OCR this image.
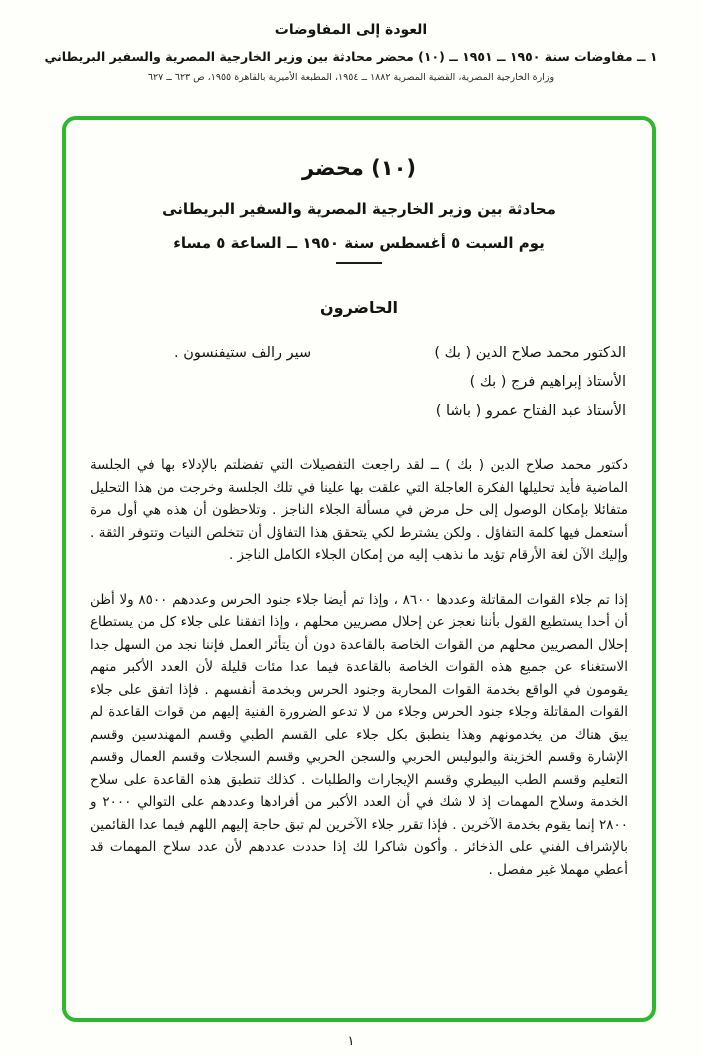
العودة إلى المفاوضات
١ ــ مفاوضات سنة ١٩٥٠ ــ ١٩٥١ ــ (١٠) محضر محادثة بين وزير الخارجية المصرية والسفير البريطاني
وزارة الخارجية المصرية، القضية المصرية ١٨٨٢ ــ ١٩٥٤، المطبعة الأميرية بالقاهرة ١٩٥٥، ص ٦٢٣ ــ ٦٢٧
(١٠) محضر
محادثة بين وزير الخارجية المصرية والسفير البريطانى
يوم السبت ٥ أغسطس سنة ١٩٥٠ ــ الساعة ٥ مساء
الحاضرون
الدكتور محمد صلاح الدين ( بك )
الأستاذ إبراهيم فرج ( بك )
الأستاذ عبد الفتاح عمرو ( باشا )
سير رالف ستيفنسون .

دكتور محمد صلاح الدين ( بك ) ــ لقد راجعت التفصيلات التي تفضلتم بالإدلاء بها في الجلسة الماضية فأيد تحليلها الفكرة العاجلة التي علقت بها علينا في تلك الجلسة وخرجت من هذا التحليل متفائلا بإمكان الوصول إلى حل مرض في مسألة الجلاء الناجز . وتلاحظون أن هذه هي أول مرة أستعمل فيها كلمة التفاؤل . ولكن يشترط لكي يتحقق هذا التفاؤل أن تتخلص النيات وتتوفر الثقة . وإليك الآن لغة الأرقام تؤيد ما نذهب إليه من إمكان الجلاء الكامل الناجز .

إذا تم جلاء القوات المقاتلة وعددها ٨٦٠٠ ، وإذا تم أيضا جلاء جنود الحرس وعددهم ٨٥٠٠ ولا أظن أن أحدا يستطيع القول بأننا نعجز عن إحلال مصريين محلهم ، وإذا اتفقنا على جلاء كل من يستطاع إحلال المصريين محلهم من القوات الخاصة بالقاعدة دون أن يتأثر العمل فإننا نجد من السهل جدا الاستغناء عن جميع هذه القوات الخاصة بالقاعدة فيما عدا مئات قليلة لأن العدد الأكبر منهم يقومون في الواقع بخدمة القوات المحاربة وجنود الحرس وبخدمة أنفسهم . فإذا اتفق على جلاء القوات المقاتلة وجلاء جنود الحرس وجلاء من لا تدعو الضرورة الفنية إليهم من قوات القاعدة لم يبق هناك من يخدمونهم وهذا ينطبق بكل جلاء على القسم الطبي وقسم المهندسين وقسم الإشارة وقسم الخزينة والبوليس الحربي والسجن الحربي وقسم السجلات وقسم العمال وقسم التعليم وقسم الطب البيطري وقسم الإيجارات والطلبات . كذلك تنطبق هذه القاعدة على سلاح الخدمة وسلاح المهمات إذ لا شك في أن العدد الأكبر من أفرادها وعددهم على التوالي ٢٠٠٠ و ٢٨٠٠ إنما يقوم بخدمة الآخرين . فإذا تقرر جلاء الآخرين لم تبق حاجة إليهم اللهم فيما عدا القائمين بالإشراف الفني على الذخائر . وأكون شاكرا لك إذا حددت عددهم لأن عدد سلاح المهمات قد أعطي مهملا غير مفصل .

١
